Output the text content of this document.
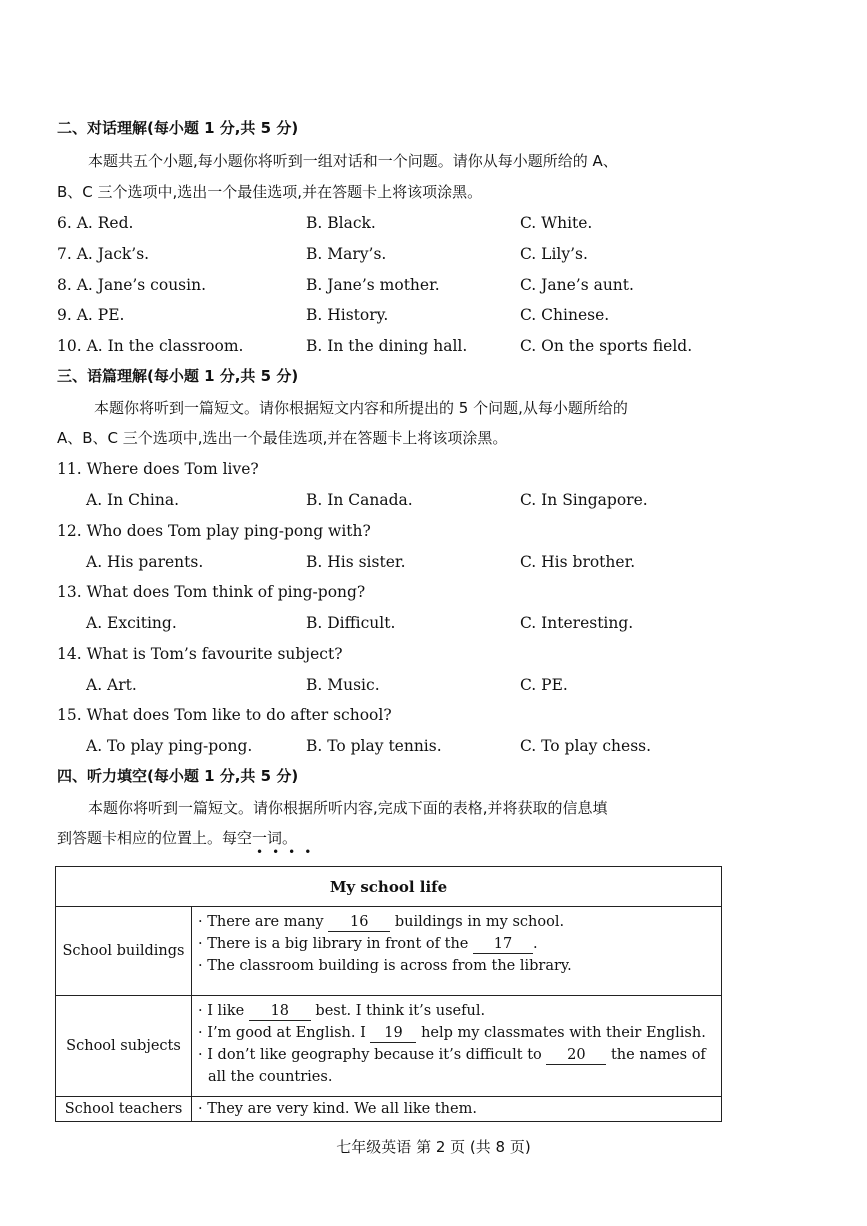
二、对话理解(每小题 1 分,共 5 分)
本题共五个小题,每小题你将听到一组对话和一个问题。请你从每小题所给的 A、
B、C 三个选项中,选出一个最佳选项,并在答题卡上将该项涂黑。
6. A. Red.	B. Black.	C. White.
7. A. Jack’s.	B. Mary’s.	C. Lily’s.
8. A. Jane’s cousin.	B. Jane’s mother.	C. Jane’s aunt.
9. A. PE.	B. History.	C. Chinese.
10. A. In the classroom.	B. In the dining hall.	C. On the sports field.
三、语篇理解(每小题 1 分,共 5 分)
本题你将听到一篇短文。请你根据短文内容和所提出的 5 个问题,从每小题所给的
A、B、C 三个选项中,选出一个最佳选项,并在答题卡上将该项涂黑。
11. Where does Tom live?
A. In China.	B. In Canada.	C. In Singapore.
12. Who does Tom play ping-pong with?
A. His parents.	B. His sister.	C. His brother.
13. What does Tom think of ping-pong?
A. Exciting.	B. Difficult.	C. Interesting.
14. What is Tom’s favourite subject?
A. Art.	B. Music.	C. PE.
15. What does Tom like to do after school?
A. To play ping-pong.	B. To play tennis.	C. To play chess.
四、听力填空(每小题 1 分,共 5 分)
本题你将听到一篇短文。请你根据所听内容,完成下面的表格,并将获取的信息填
到答题卡相应的位置上。每空一词。
••••
My school life	
School buildings	· There are many 16 buildings in my school.
· There is a big library in front of the 17 .
· The classroom building is across from the library.

School subjects	· I like 18 best. I think it’s useful.
· I’m good at English. I 19 help my classmates with their English.
· I don’t like geography because it’s difficult to 20 the names of
all the countries.

School teachers	· They are very kind. We all like them.
七年级英语 第 2 页 (共 8 页)
